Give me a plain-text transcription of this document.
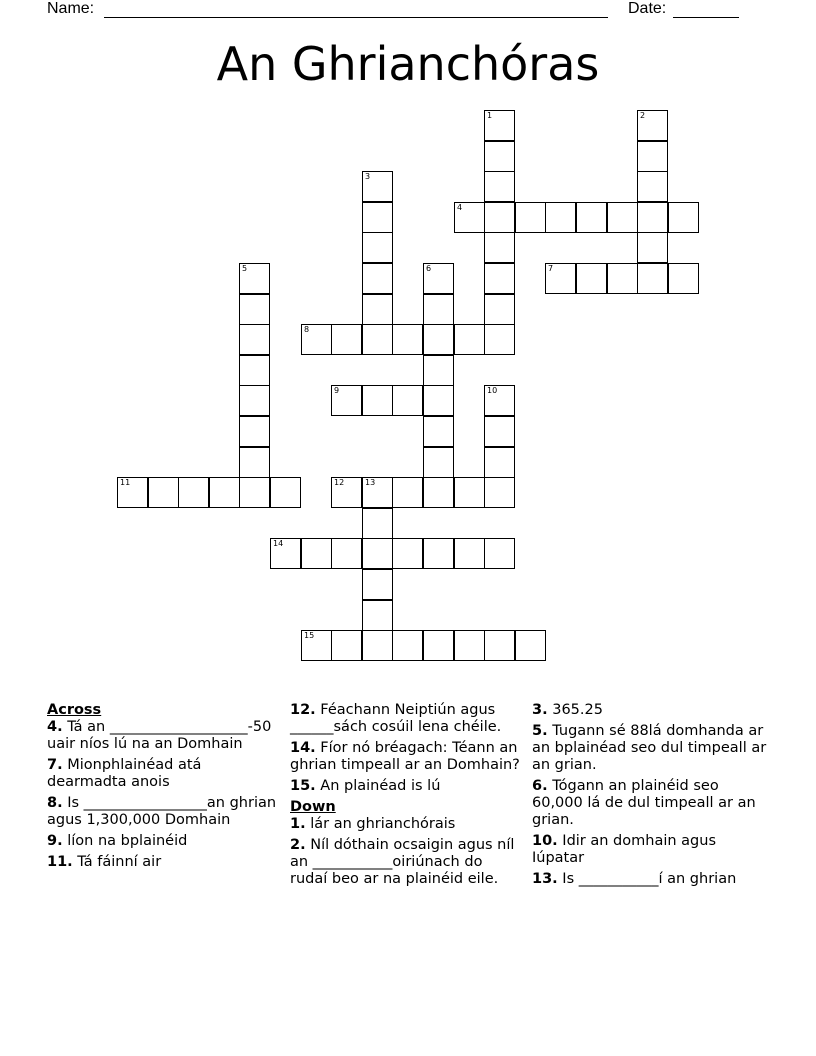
Name:	Date:
An Ghrianchóras
1	2
3
4
5	6	7
8
9	10
11	12	13
14
15
Across
4. Tá an ___________________-50 uair níos lú na an Domhain
7. Mionphlainéad atá dearmadta anois
8. Is _________________an ghrian agus 1,300,000 Domhain
9. líon na bplainéid
11. Tá fáinní air
12. Féachann Neiptiún agus ______sách cosúil lena chéile.
14. Fíor nó bréagach: Téann an ghrian timpeall ar an Domhain?
15. An plainéad is lú
Down
1. lár an ghrianchórais
2. Níl dóthain ocsaigin agus níl an ___________oiriúnach do rudaí beo ar na plainéid eile.
3. 365.25
5. Tugann sé 88lá domhanda ar an bplainéad seo dul timpeall ar an grian.
6. Tógann an plainéid seo 60,000 lá de dul timpeall ar an grian.
10. Idir an domhain agus Iúpatar
13. Is ___________í an ghrian
